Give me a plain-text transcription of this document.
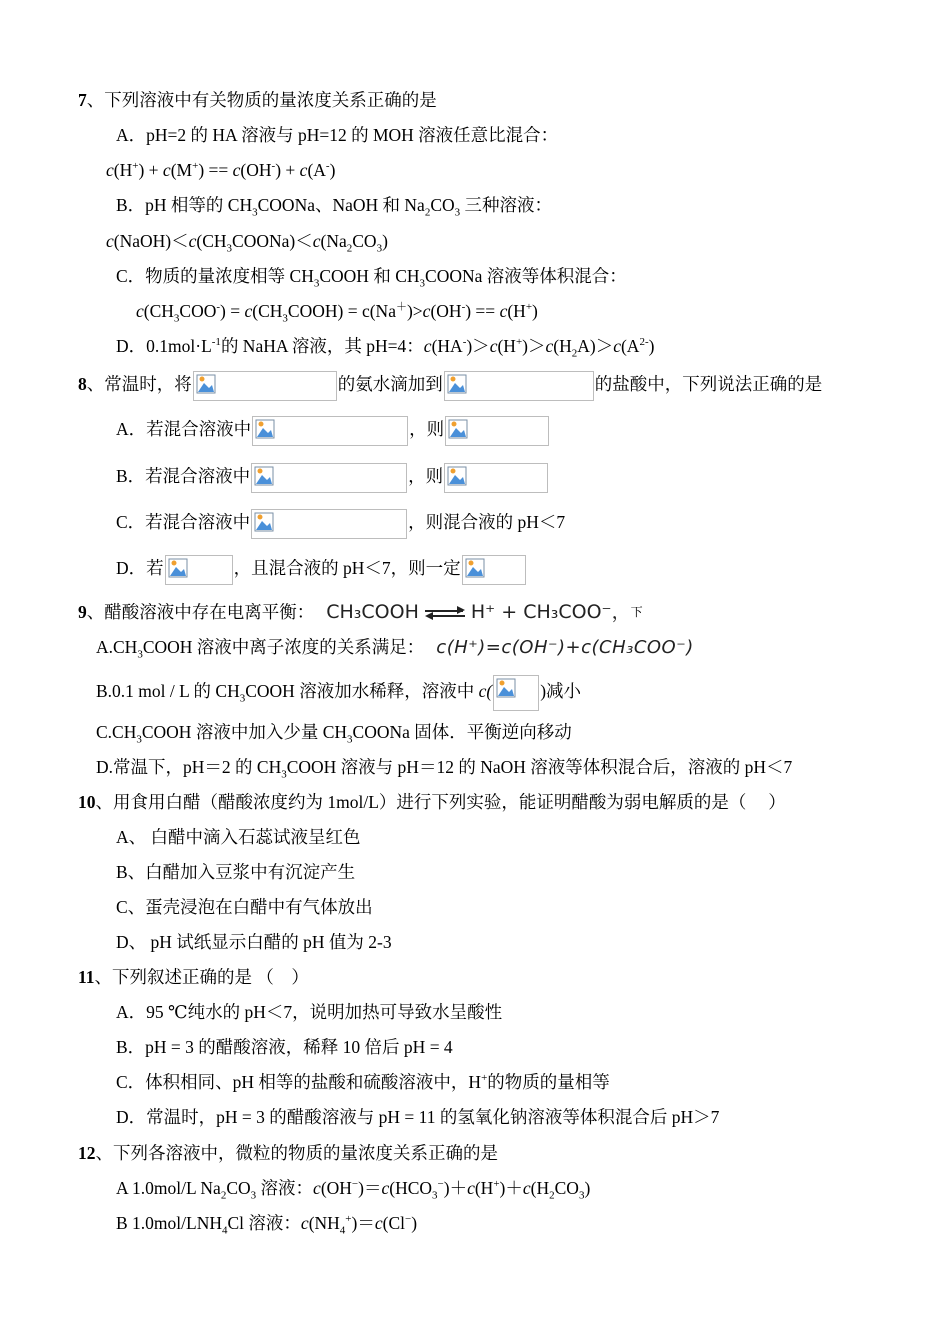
7、下列溶液中有关物质的量浓度关系正确的是
A．pH=2 的 HA 溶液与 pH=12 的 MOH 溶液任意比混合：
c(H+) + c(M+) == c(OH-) + c(A-)
B．pH 相等的 $CH_3COONa$、NaOH 和 $Na_2CO_3$ 三种溶液：
$c(NaOH)<c(CH_3COONa)<c(Na_2CO_3)$
C．物质的量浓度相等 $CH_3COOH$ 和 $CH_3COONa$ 溶液等体积混合：
$c(CH_3COO^-)$ = $c(CH_3COOH) = c(Na^+)>c(OH^-) == c(H^+)$
D．$0.1mol\cdot L^{-1}$的 NaHA 溶液，其 pH=4：$c(HA^-)>c(H^+)>c(H_2A)>c(A^{2-})$
8、常温时，将	的氨水滴加到	的盐酸中，下列说法正确的是
A．若混合溶液中	，则
B．若混合溶液中	，则
C．若混合溶液中	，则混合液的 pH＜7
D．若	，且混合液的 pH＜7，则一定
9、醋酸溶液中存在电离平衡： CH₃COOH	H⁺ + CH₃COO⁻，$^下$
$A.CH_3COOH$ 溶液中离子浓度的关系满足： c(H⁺)=c(OH⁻)+c(CH₃COO⁻)
B.0.1 mol / L 的 $CH_3COOH$ 溶液加水稀释，溶液中 c(	)减小
$C.CH_3COOH$ 溶液中加入少量 $CH_3COONa$ 固体．平衡逆向移动
D.常温下，pH＝2 的 $CH_3COOH$ 溶液与 pH＝12 的 NaOH 溶液等体积混合后，溶液的 pH＜7
10、用食用白醋（醋酸浓度约为 1mol/L）进行下列实验，能证明醋酸为弱电解质的是（　 ）
A、 白醋中滴入石蕊试液呈红色
B、白醋加入豆浆中有沉淀产生
C、蛋壳浸泡在白醋中有气体放出
D、 pH 试纸显示白醋的 pH 值为 2-3
11、下列叙述正确的是 （　）
A．95 ℃纯水的 pH＜7，说明加热可导致水呈酸性
B．pH = 3 的醋酸溶液，稀释 10 倍后 pH = 4
C．体积相同、pH 相等的盐酸和硫酸溶液中，H+的物质的量相等
D．常温时，pH = 3 的醋酸溶液与 pH = 11 的氢氧化钠溶液等体积混合后 pH＞7
12、下列各溶液中，微粒的物质的量浓度关系正确的是
A 1.0mol/L $Na_2CO_3$ 溶液：$c(OH^-)=c(HCO_3^-)+c(H^+)+c(H_2CO_3)$
B $1.0mol/LNH_4Cl$ 溶液：$c(NH_4^+)=c(Cl^-)$
